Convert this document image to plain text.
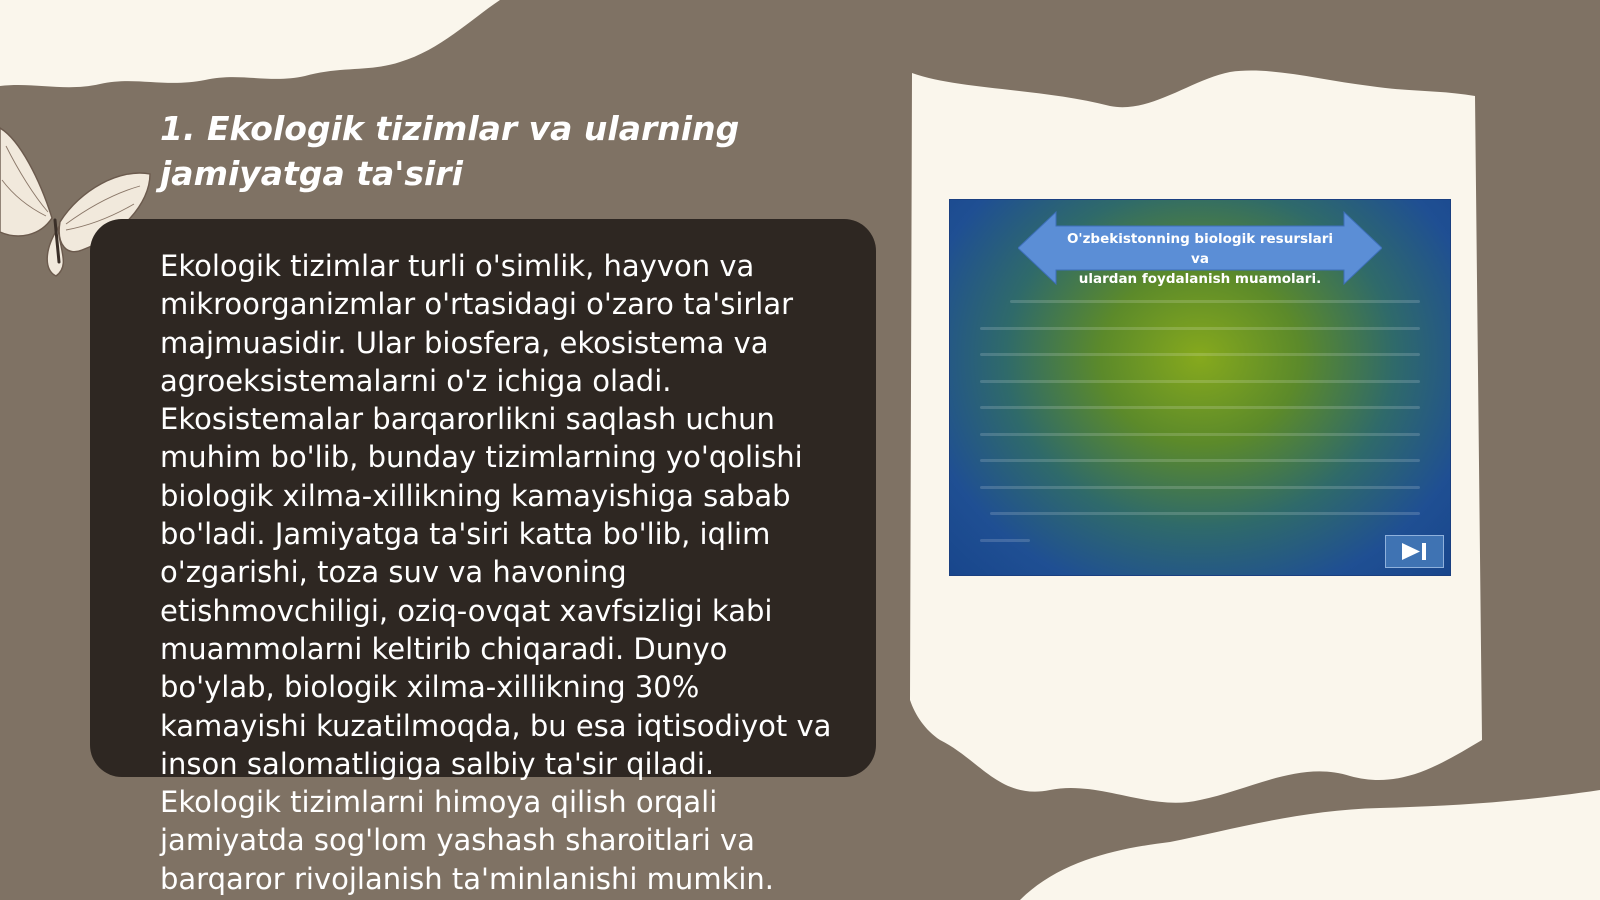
1. Ekologik tizimlar va ularning jamiyatga ta'siri

Ekologik tizimlar turli o'simlik, hayvon va mikroorganizmlar o'rtasidagi o'zaro ta'sirlar majmuasidir. Ular biosfera, ekosistema va agroeksistemalarni o'z ichiga oladi. Ekosistemalar barqarorlikni saqlash uchun muhim bo'lib, bunday tizimlarning yo'qolishi biologik xilma-xillikning kamayishiga sabab bo'ladi. Jamiyatga ta'siri katta bo'lib, iqlim o'zgarishi, toza suv va havoning etishmovchiligi, oziq-ovqat xavfsizligi kabi muammolarni keltirib chiqaradi. Dunyo bo'ylab, biologik xilma-xillikning 30% kamayishi kuzatilmoqda, bu esa iqtisodiyot va inson salomatligiga salbiy ta'sir qiladi. Ekologik tizimlarni himoya qilish orqali jamiyatda sog'lom yashash sharoitlari va barqaror rivojlanish ta'minlanishi mumkin.

O'zbekistonning biologik resurslari va
ulardan foydalanish muamolari.
